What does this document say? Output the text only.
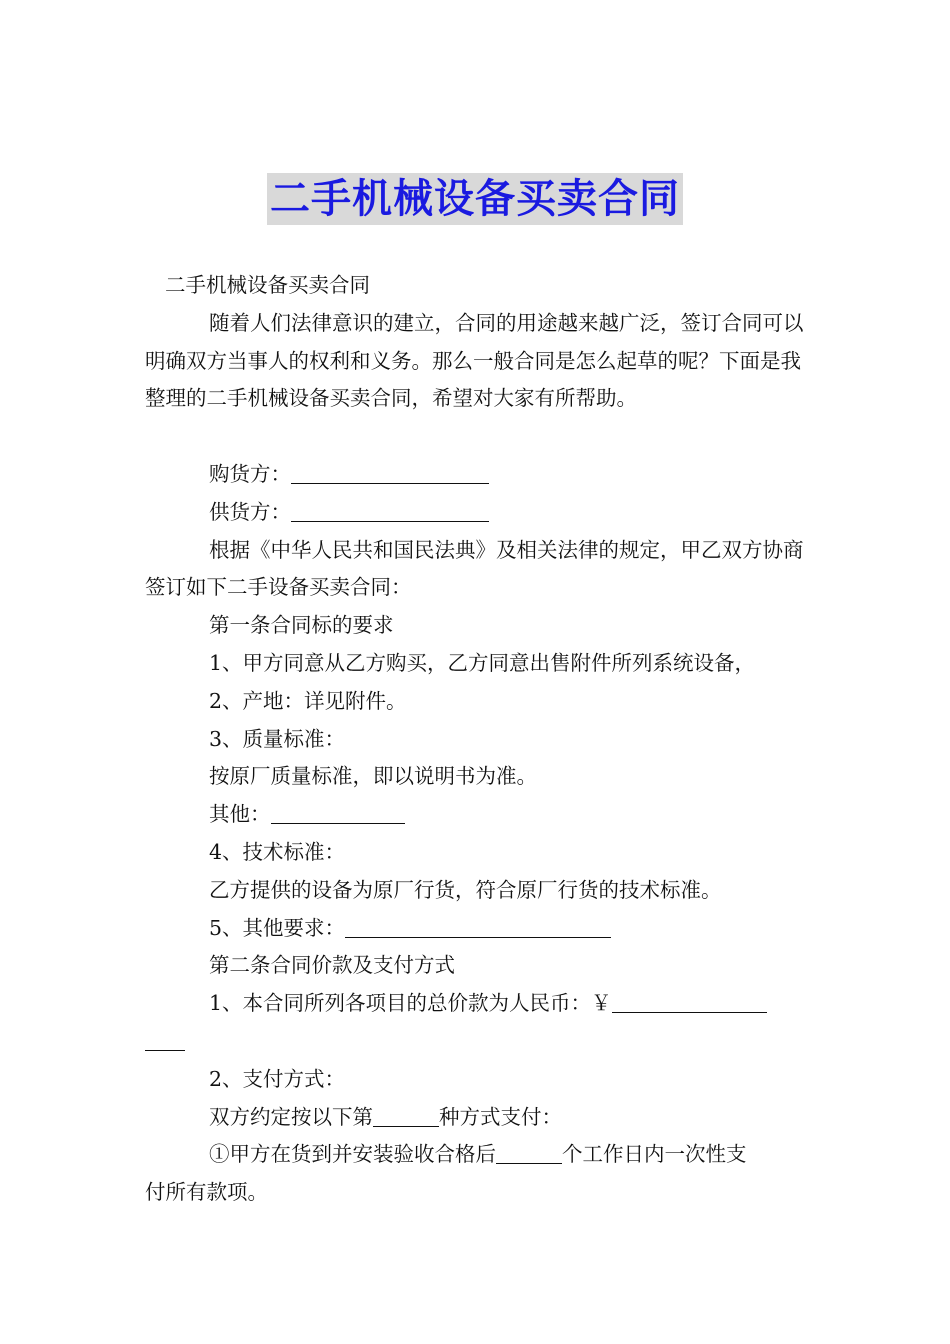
二手机械设备买卖合同

二手机械设备买卖合同

随着人们法律意识的建立，合同的用途越来越广泛，签订合同可以明确双方当事人的权利和义务。那么一般合同是怎么起草的呢？下面是我整理的二手机械设备买卖合同，希望对大家有所帮助。

购货方：

供货方：

根据《中华人民共和国民法典》及相关法律的规定，甲乙双方协商签订如下二手设备买卖合同：

第一条合同标的要求

1、甲方同意从乙方购买，乙方同意出售附件所列系统设备，

2、产地：详见附件。

3、质量标准：

按原厂质量标准，即以说明书为准。

其他：

4、技术标准：

乙方提供的设备为原厂行货，符合原厂行货的技术标准。

5、其他要求：

第二条合同价款及支付方式

1、本合同所列各项目的总价款为人民币：￥

2、支付方式：

双方约定按以下第	种方式支付：

①甲方在货到并安装验收合格后	个工作日内一次性支

付所有款项。
